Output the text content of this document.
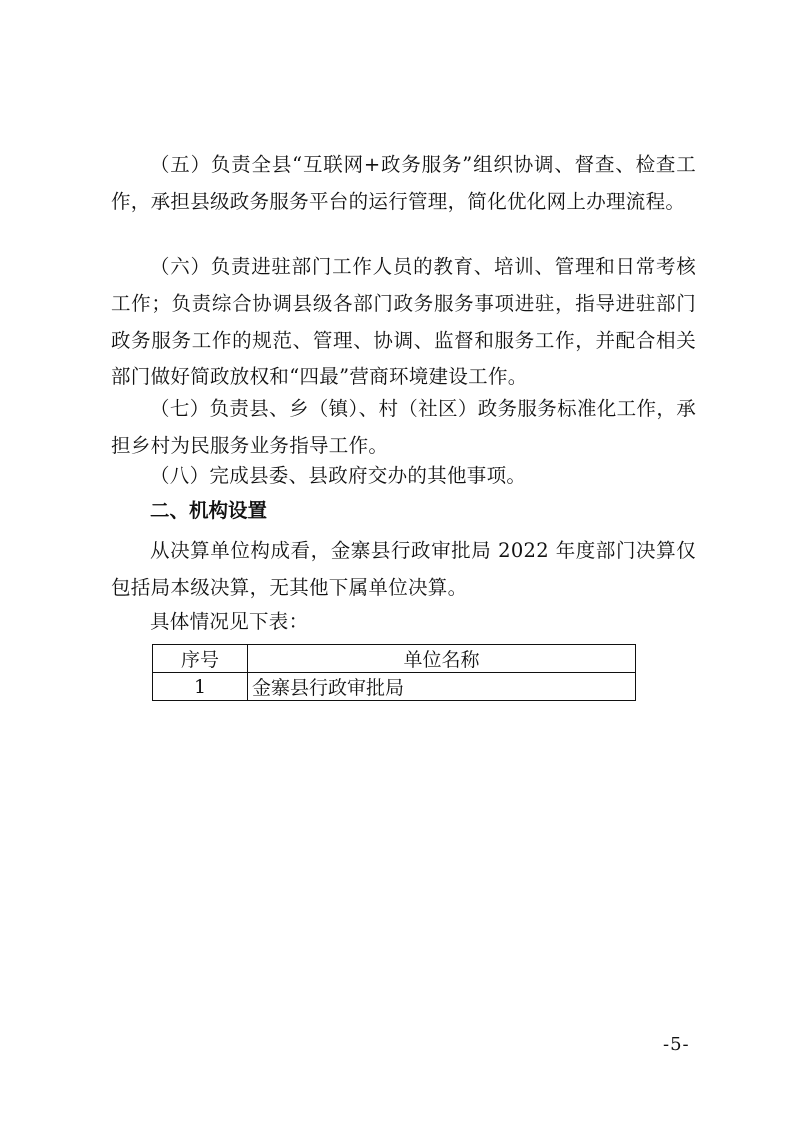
（五）负责全县“互联网+政务服务”组织协调、督查、检查工作，承担县级政务服务平台的运行管理，简化优化网上办理流程。

（六）负责进驻部门工作人员的教育、培训、管理和日常考核工作；负责综合协调县级各部门政务服务事项进驻，指导进驻部门政务服务工作的规范、管理、协调、监督和服务工作，并配合相关部门做好简政放权和“四最”营商环境建设工作。

（七）负责县、乡（镇）、村（社区）政务服务标准化工作，承担乡村为民服务业务指导工作。

（八）完成县委、县政府交办的其他事项。

二、机构设置

从决算单位构成看，金寨县行政审批局 2022 年度部门决算仅包括局本级决算，无其他下属单位决算。

具体情况见下表：

序号	单位名称
1	金寨县行政审批局
-5-
